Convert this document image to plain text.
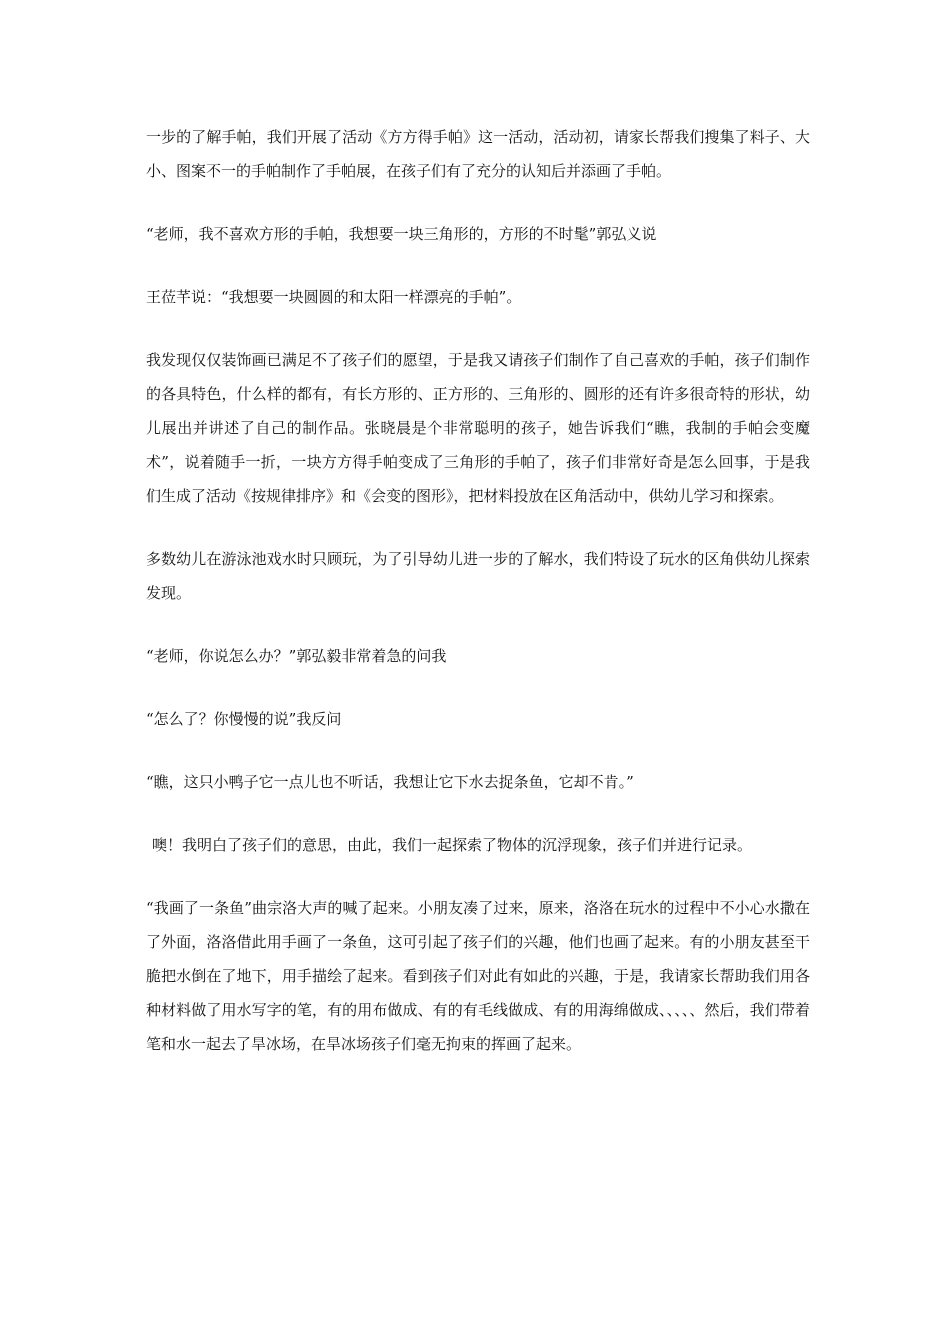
一步的了解手帕，我们开展了活动《方方得手帕》这一活动，活动初，请家长帮我们搜集了料子、大小、图案不一的手帕制作了手帕展，在孩子们有了充分的认知后并添画了手帕。

“老师，我不喜欢方形的手帕，我想要一块三角形的，方形的不时髦”郭弘义说

王莅芊说：“我想要一块圆圆的和太阳一样漂亮的手帕”。

我发现仅仅装饰画已满足不了孩子们的愿望，于是我又请孩子们制作了自己喜欢的手帕，孩子们制作的各具特色，什么样的都有，有长方形的、正方形的、三角形的、圆形的还有许多很奇特的形状，幼儿展出并讲述了自己的制作品。张晓晨是个非常聪明的孩子，她告诉我们“瞧，我制的手帕会变魔术”，说着随手一折，一块方方得手帕变成了三角形的手帕了，孩子们非常好奇是怎么回事，于是我们生成了活动《按规律排序》和《会变的图形》，把材料投放在区角活动中，供幼儿学习和探索。

多数幼儿在游泳池戏水时只顾玩，为了引导幼儿进一步的了解水，我们特设了玩水的区角供幼儿探索发现。

“老师，你说怎么办？”郭弘毅非常着急的问我

“怎么了？你慢慢的说”我反问

“瞧，这只小鸭子它一点儿也不听话，我想让它下水去捉条鱼，它却不肯。”

噢！我明白了孩子们的意思，由此，我们一起探索了物体的沉浮现象，孩子们并进行记录。

“我画了一条鱼”曲宗洛大声的喊了起来。小朋友凑了过来，原来，洛洛在玩水的过程中不小心水撒在了外面，洛洛借此用手画了一条鱼，这可引起了孩子们的兴趣，他们也画了起来。有的小朋友甚至干脆把水倒在了地下，用手描绘了起来。看到孩子们对此有如此的兴趣，于是，我请家长帮助我们用各种材料做了用水写字的笔，有的用布做成、有的有毛线做成、有的用海绵做成、、、、、然后，我们带着笔和水一起去了旱冰场，在旱冰场孩子们毫无拘束的挥画了起来。
